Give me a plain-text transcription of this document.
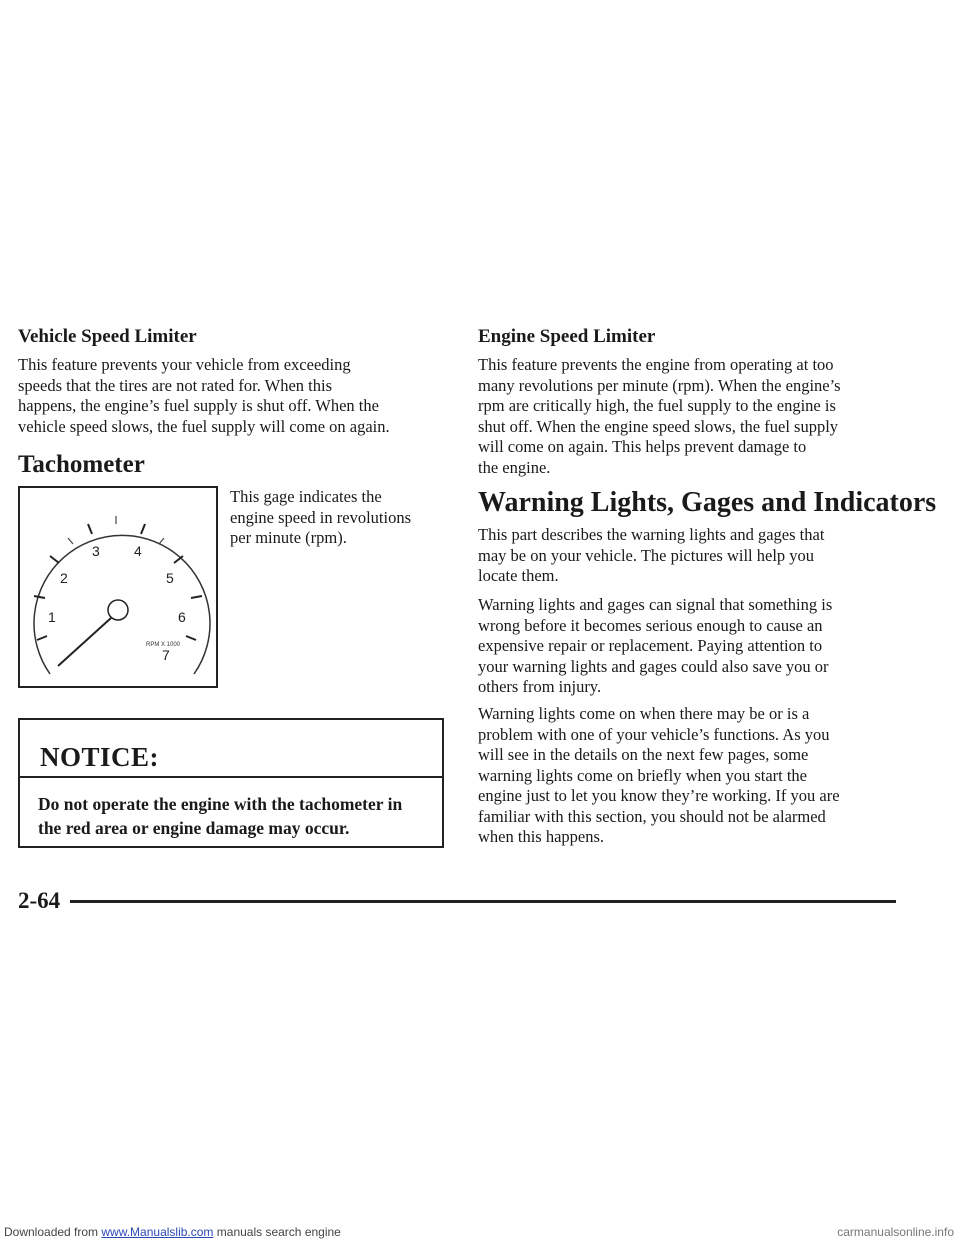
Vehicle Speed Limiter
This feature prevents your vehicle from exceeding
speeds that the tires are not rated for. When this
happens, the engine’s fuel supply is shut off. When the
vehicle speed slows, the fuel supply will come on again.
Tachometer
1
2
3 4
5
6
7
RPM X 1000
This gage indicates the
engine speed in revolutions
per minute (rpm).
NOTICE:
Do not operate the engine with the tachometer in
the red area or engine damage may occur.
Engine Speed Limiter
This feature prevents the engine from operating at too
many revolutions per minute (rpm). When the engine’s
rpm are critically high, the fuel supply to the engine is
shut off. When the engine speed slows, the fuel supply
will come on again. This helps prevent damage to
the engine.
Warning Lights, Gages and Indicators
This part describes the warning lights and gages that
may be on your vehicle. The pictures will help you
locate them.
Warning lights and gages can signal that something is
wrong before it becomes serious enough to cause an
expensive repair or replacement. Paying attention to
your warning lights and gages could also save you or
others from injury.
Warning lights come on when there may be or is a
problem with one of your vehicle’s functions. As you
will see in the details on the next few pages, some
warning lights come on briefly when you start the
engine just to let you know they’re working. If you are
familiar with this section, you should not be alarmed
when this happens.
2-64
Downloaded from www.Manualslib.com manuals search engine	carmanualsonline.info
